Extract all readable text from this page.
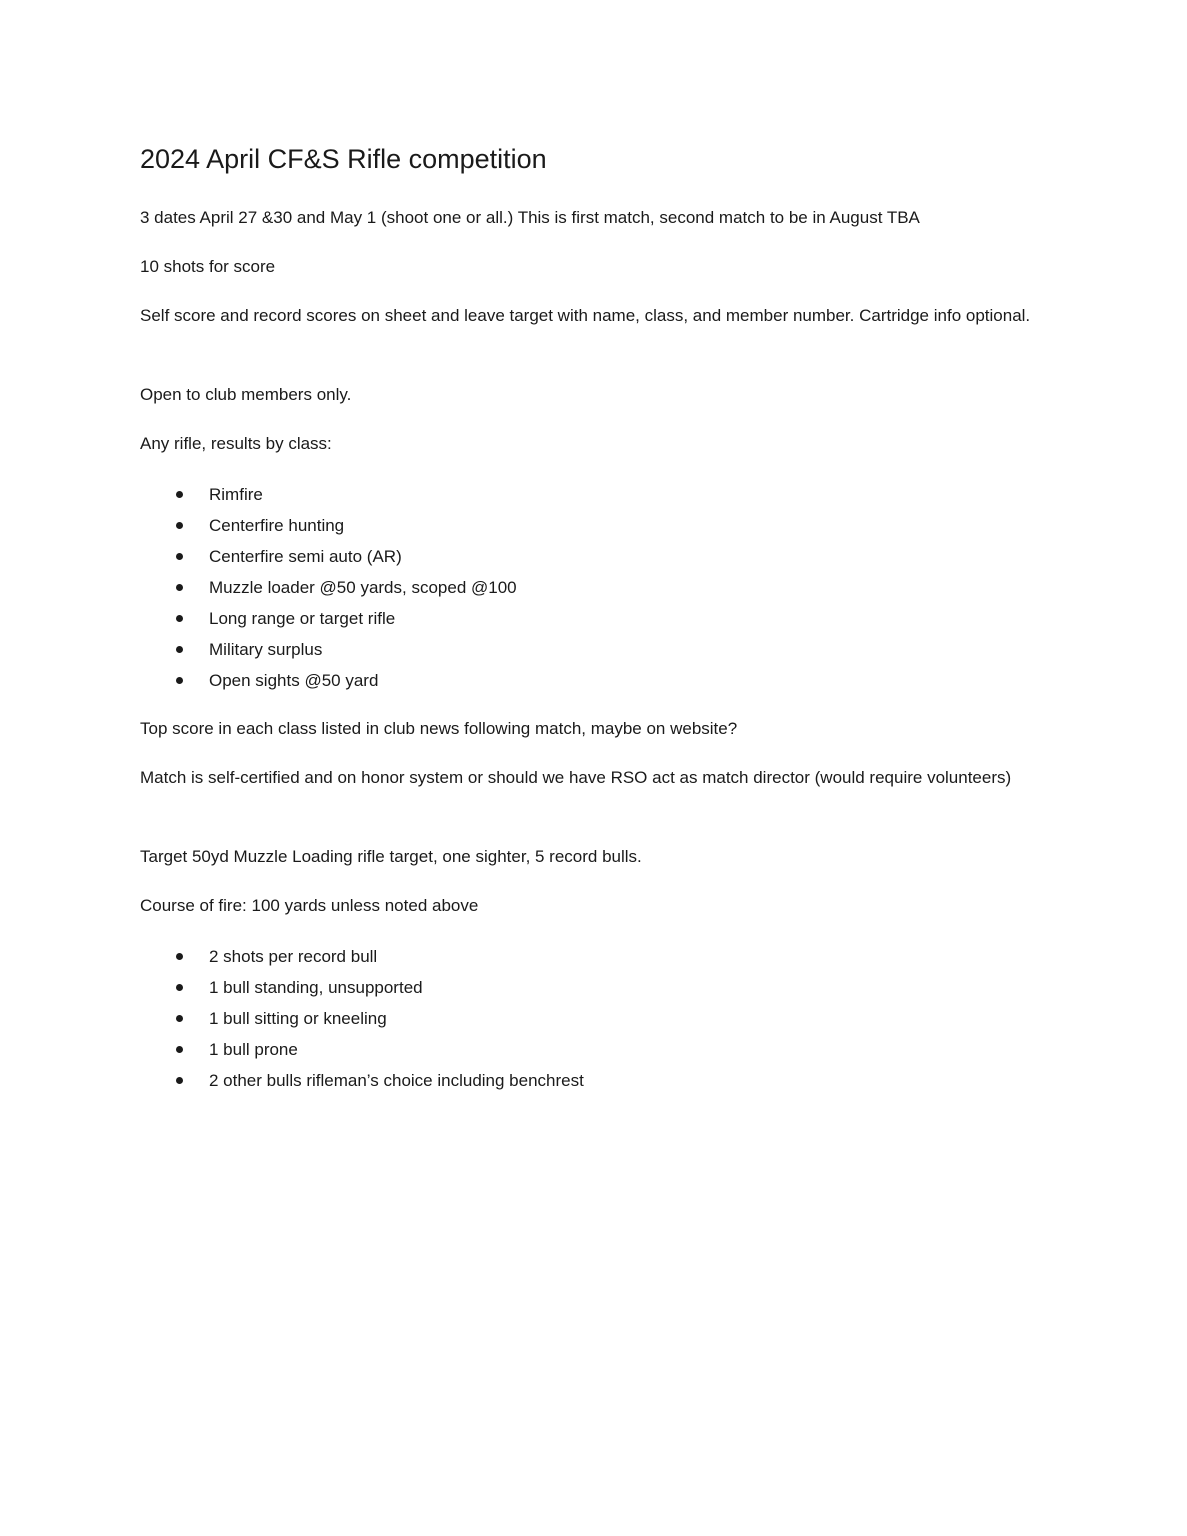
2024 April CF&S Rifle competition

3 dates April 27 &30 and May 1 (shoot one or all.) This is first match, second match to be in August TBA

10 shots for score

Self score and record scores on sheet and leave target with name, class, and member number. Cartridge info optional.

Open to club members only.

Any rifle, results by class:

Rimfire
Centerfire hunting
Centerfire semi auto (AR)
Muzzle loader @50 yards, scoped @100
Long range or target rifle
Military surplus
Open sights @50 yard

Top score in each class listed in club news following match, maybe on website?

Match is self-certified and on honor system or should we have RSO act as match director (would require volunteers)

Target 50yd Muzzle Loading rifle target, one sighter, 5 record bulls.

Course of fire: 100 yards unless noted above

2 shots per record bull
1 bull standing, unsupported
1 bull sitting or kneeling
1 bull prone
2 other bulls rifleman’s choice including benchrest
